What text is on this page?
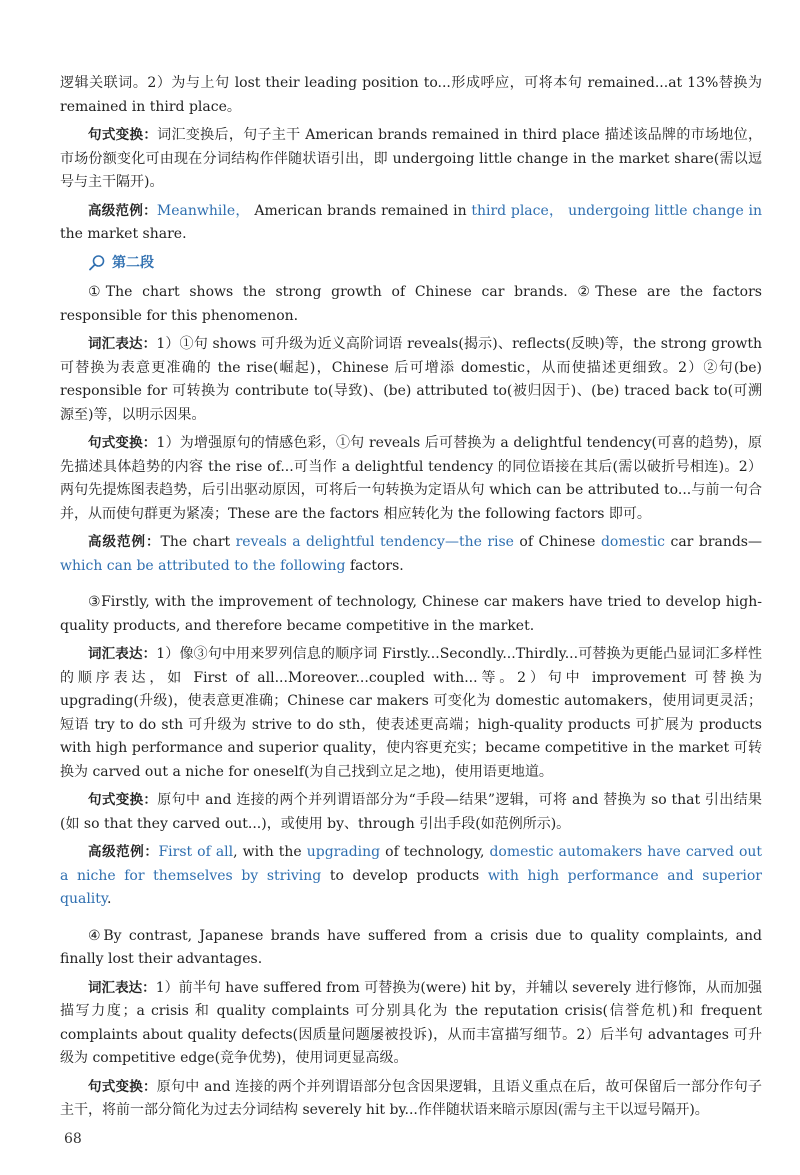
逻辑关联词。2）为与上句 lost their leading position to...形成呼应，可将本句 remained...at 13%替换为 remained in third place。

句式变换：词汇变换后，句子主干 American brands remained in third place 描述该品牌的市场地位，市场份额变化可由现在分词结构作伴随状语引出，即 undergoing little change in the market share(需以逗号与主干隔开)。

高级范例：Meanwhile， American brands remained in third place， undergoing little change in the market share.

第二段

①The chart shows the strong growth of Chinese car brands. ②These are the factors responsible for this phenomenon.

词汇表达：1）①句 shows 可升级为近义高阶词语 reveals(揭示)、reflects(反映)等，the strong growth 可替换为表意更准确的 the rise(崛起)，Chinese 后可增添 domestic，从而使描述更细致。2）②句(be) responsible for 可转换为 contribute to(导致)、(be) attributed to(被归因于)、(be) traced back to(可溯源至)等，以明示因果。

句式变换：1）为增强原句的情感色彩，①句 reveals 后可替换为 a delightful tendency(可喜的趋势)，原先描述具体趋势的内容 the rise of...可当作 a delightful tendency 的同位语接在其后(需以破折号相连)。2）两句先提炼图表趋势，后引出驱动原因，可将后一句转换为定语从句 which can be attributed to...与前一句合并，从而使句群更为紧凑；These are the factors 相应转化为 the following factors 即可。

高级范例：The chart reveals a delightful tendency—the rise of Chinese domestic car brands—which can be attributed to the following factors.

③Firstly, with the improvement of technology, Chinese car makers have tried to develop high-quality products, and therefore became competitive in the market.

词汇表达：1）像③句中用来罗列信息的顺序词 Firstly...Secondly...Thirdly...可替换为更能凸显词汇多样性的顺序表达，如 First of all...Moreover...coupled with...等。2）句中 improvement 可替换为 upgrading(升级)，使表意更准确；Chinese car makers 可变化为 domestic automakers，使用词更灵活；短语 try to do sth 可升级为 strive to do sth，使表述更高端；high-quality products 可扩展为 products with high performance and superior quality，使内容更充实；became competitive in the market 可转换为 carved out a niche for oneself(为自己找到立足之地)，使用语更地道。

句式变换：原句中 and 连接的两个并列谓语部分为“手段—结果”逻辑，可将 and 替换为 so that 引出结果(如 so that they carved out...)，或使用 by、through 引出手段(如范例所示)。

高级范例：First of all, with the upgrading of technology, domestic automakers have carved out a niche for themselves by striving to develop products with high performance and superior quality.

④By contrast, Japanese brands have suffered from a crisis due to quality complaints, and finally lost their advantages.

词汇表达：1）前半句 have suffered from 可替换为(were) hit by，并辅以 severely 进行修饰，从而加强描写力度；a crisis 和 quality complaints 可分别具化为 the reputation crisis(信誉危机)和 frequent complaints about quality defects(因质量问题屡被投诉)，从而丰富描写细节。2）后半句 advantages 可升级为 competitive edge(竞争优势)，使用词更显高级。

句式变换：原句中 and 连接的两个并列谓语部分包含因果逻辑，且语义重点在后，故可保留后一部分作句子主干，将前一部分简化为过去分词结构 severely hit by...作伴随状语来暗示原因(需与主干以逗号隔开)。

68
